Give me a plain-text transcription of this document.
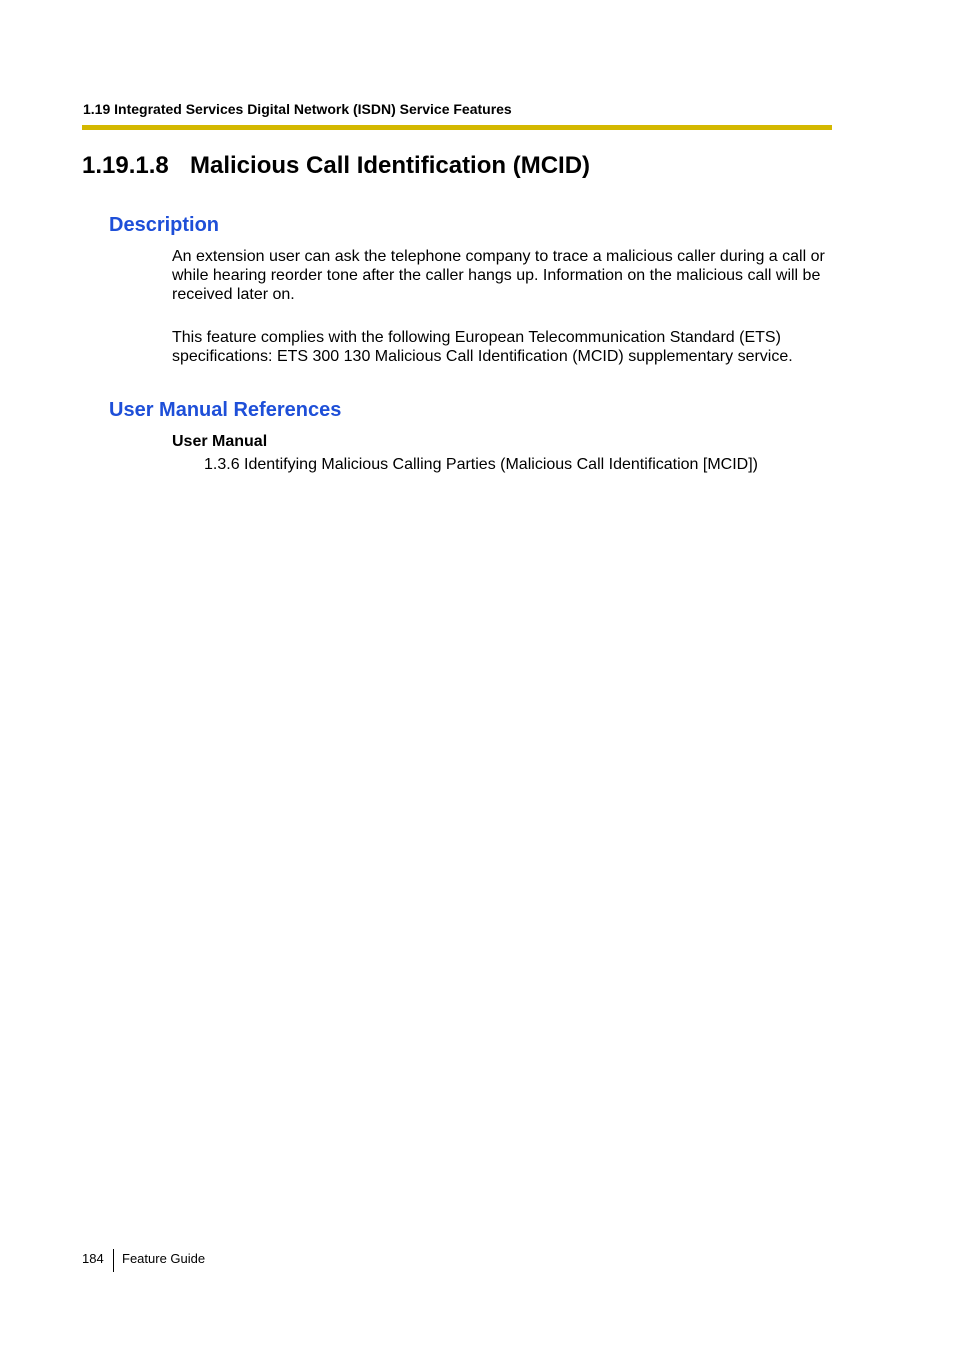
1.19 Integrated Services Digital Network (ISDN) Service Features
1.19.1.8 Malicious Call Identification (MCID)
Description

An extension user can ask the telephone company to trace a malicious caller during a call or while hearing reorder tone after the caller hangs up. Information on the malicious call will be received later on.

This feature complies with the following European Telecommunication Standard (ETS) specifications: ETS 300 130 Malicious Call Identification (MCID) supplementary service.

User Manual References
User Manual
1.3.6 Identifying Malicious Calling Parties (Malicious Call Identification [MCID])
184 Feature Guide
